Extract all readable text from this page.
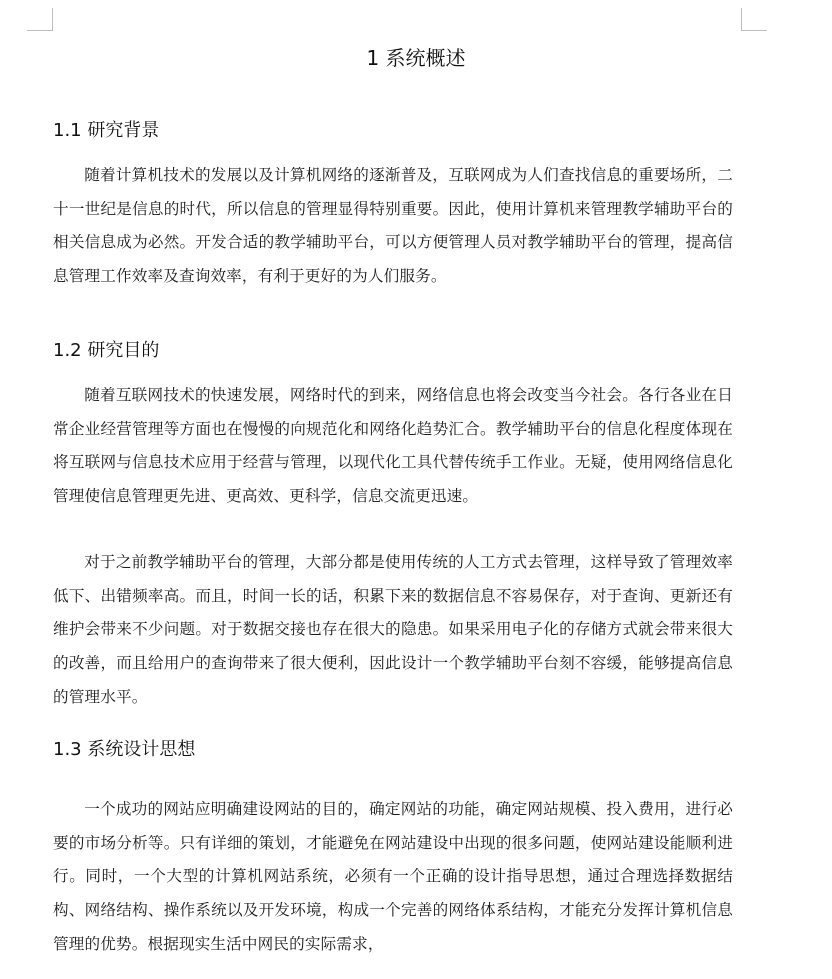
1 系统概述
1.1 研究背景

随着计算机技术的发展以及计算机网络的逐渐普及，互联网成为人们查找信息的重要场所，二十一世纪是信息的时代，所以信息的管理显得特别重要。因此，使用计算机来管理教学辅助平台的相关信息成为必然。开发合适的教学辅助平台，可以方便管理人员对教学辅助平台的管理，提高信息管理工作效率及查询效率，有利于更好的为人们服务。

1.2 研究目的

随着互联网技术的快速发展，网络时代的到来，网络信息也将会改变当今社会。各行各业在日常企业经营管理等方面也在慢慢的向规范化和网络化趋势汇合。教学辅助平台的信息化程度体现在将互联网与信息技术应用于经营与管理，以现代化工具代替传统手工作业。无疑，使用网络信息化管理使信息管理更先进、更高效、更科学，信息交流更迅速。

对于之前教学辅助平台的管理，大部分都是使用传统的人工方式去管理，这样导致了管理效率低下、出错频率高。而且，时间一长的话，积累下来的数据信息不容易保存，对于查询、更新还有维护会带来不少问题。对于数据交接也存在很大的隐患。如果采用电子化的存储方式就会带来很大的改善，而且给用户的查询带来了很大便利，因此设计一个教学辅助平台刻不容缓，能够提高信息的管理水平。

1.3 系统设计思想

一个成功的网站应明确建设网站的目的，确定网站的功能，确定网站规模、投入费用，进行必要的市场分析等。只有详细的策划，才能避免在网站建设中出现的很多问题，使网站建设能顺利进行。同时，一个大型的计算机网站系统，必须有一个正确的设计指导思想，通过合理选择数据结构、网络结构、操作系统以及开发环境，构成一个完善的网络体系结构，才能充分发挥计算机信息管理的优势。根据现实生活中网民的实际需求，
